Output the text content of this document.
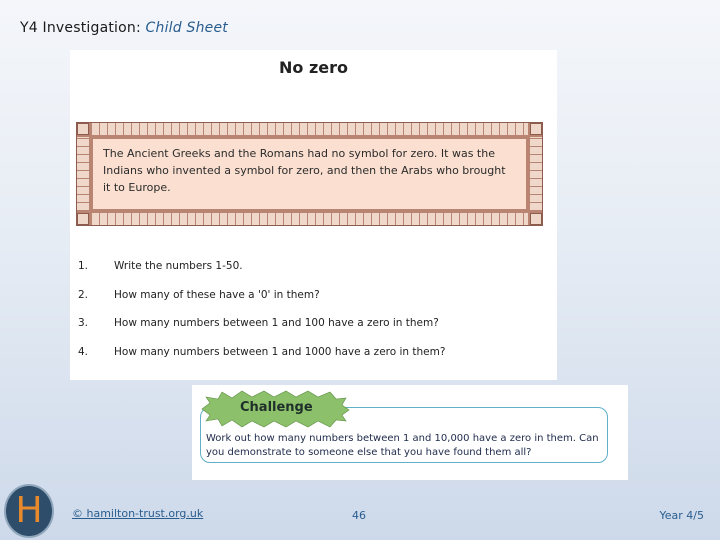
Y4 Investigation: Child Sheet
No zero
The Ancient Greeks and the Romans had no symbol for zero. It was the Indians who invented a symbol for zero, and then the Arabs who brought it to Europe.
1. Write the numbers 1-50.
2. How many of these have a '0' in them?
3. How many numbers between 1 and 100 have a zero in them?
4. How many numbers between 1 and 1000 have a zero in them?
Challenge
Work out how many numbers between 1 and 10,000 have a zero in them. Can you demonstrate to someone else that you have found them all?
H	© hamilton-trust.org.uk	46	Year 4/5
